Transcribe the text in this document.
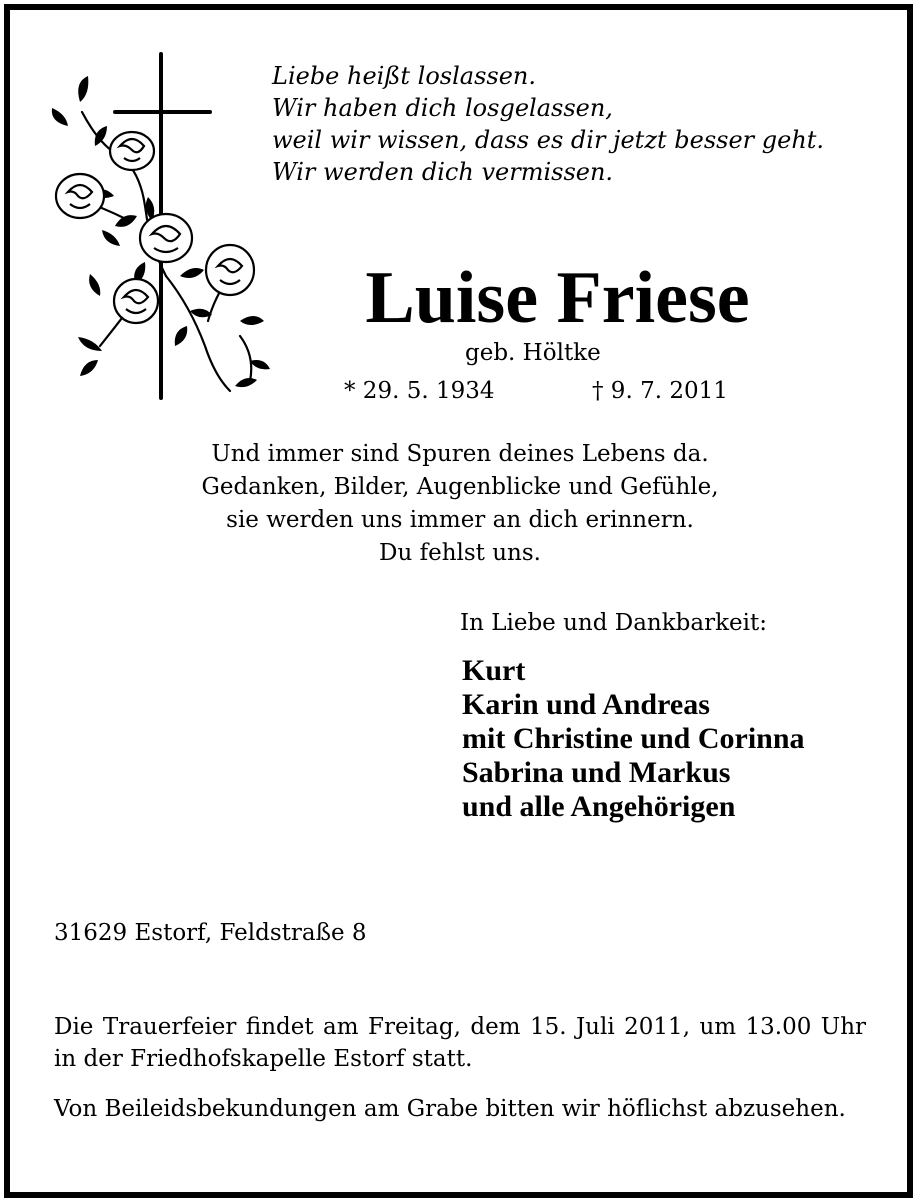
Liebe heißt loslassen.
Wir haben dich losgelassen,
weil wir wissen, dass es dir jetzt besser geht.
Wir werden dich vermissen.
Luise Friese
geb. Höltke
* 29. 5. 1934	† 9. 7. 2011
Und immer sind Spuren deines Lebens da.
Gedanken, Bilder, Augenblicke und Gefühle,
sie werden uns immer an dich erinnern.
Du fehlst uns.
In Liebe und Dankbarkeit:
Kurt
Karin und Andreas
mit Christine und Corinna
Sabrina und Markus
und alle Angehörigen
31629 Estorf, Feldstraße 8

Die Trauerfeier findet am Freitag, dem 15. Juli 2011, um 13.00 Uhr in der Friedhofskapelle Estorf statt.

Von Beileidsbekundungen am Grabe bitten wir höflichst abzusehen.
